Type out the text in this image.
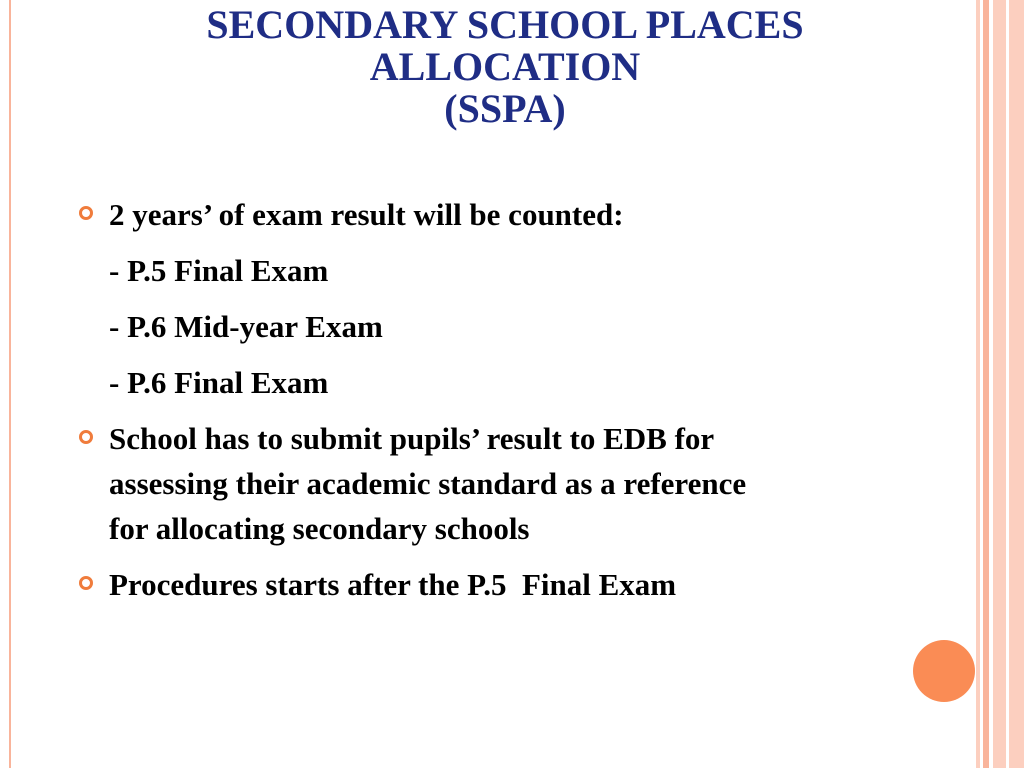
SECONDARY SCHOOL PLACES
ALLOCATION
(SSPA)
2 years’ of exam result will be counted:
- P.5 Final Exam
- P.6 Mid-year Exam
- P.6 Final Exam
School has to submit pupils’ result to EDB for
assessing their academic standard as a reference
for allocating secondary schools
Procedures starts after the P.5  Final Exam
